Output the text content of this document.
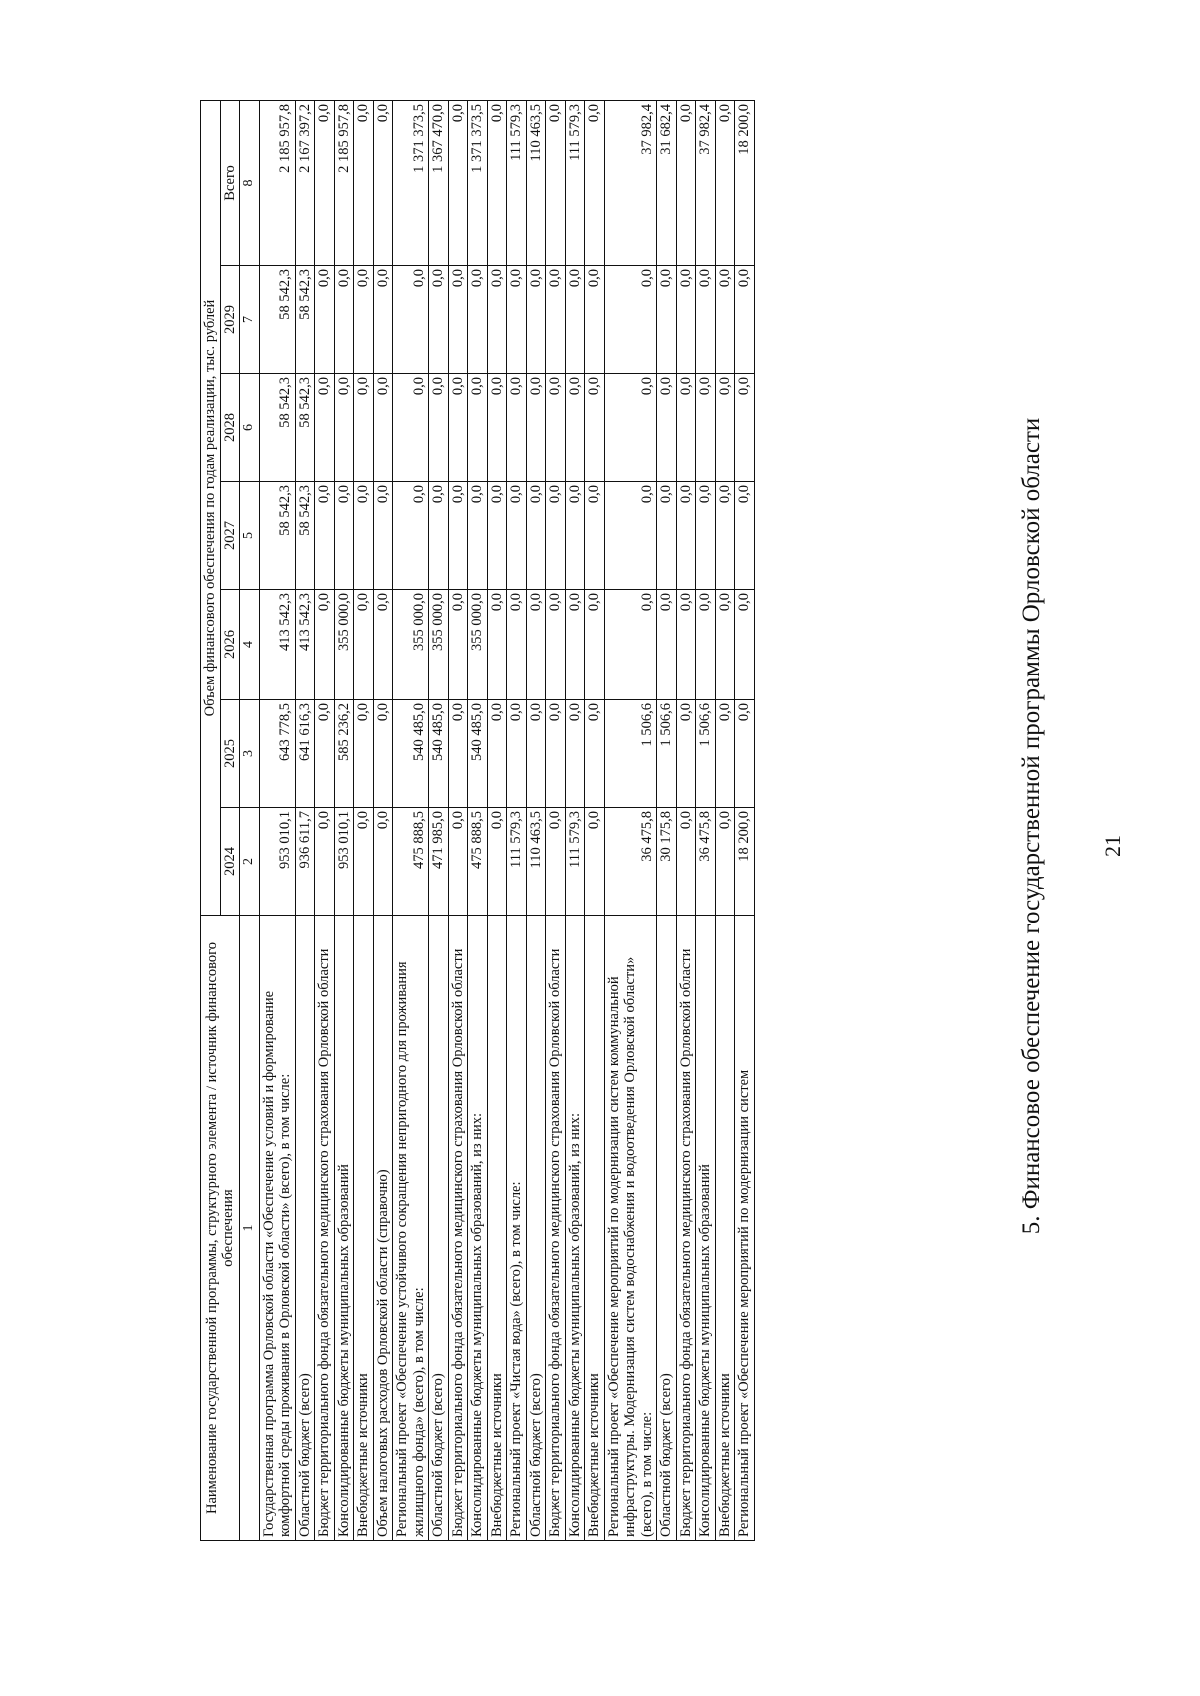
21
5. Финансовое обеспечение государственной программы Орловской области
Наименование государственной программы, структурного элемента / источник финансового обеспечения	Объем финансового обеспечения по годам реализации, тыс. рублей						
	2024	2025	2026	2027	2028	2029	Всего
1	2	3	4	5	6	7	8
Государственная программа Орловской области «Обеспечение условий и формирование комфортной среды проживания в Орловской области» (всего), в том числе:	953 010,1	643 778,5	413 542,3	58 542,3	58 542,3	58 542,3	2 185 957,8
Областной бюджет (всего)	936 611,7	641 616,3	413 542,3	58 542,3	58 542,3	58 542,3	2 167 397,2
Бюджет территориального фонда обязательного медицинского страхования Орловской области	0,0	0,0	0,0	0,0	0,0	0,0	0,0
Консолидированные бюджеты муниципальных образований	953 010,1	585 236,2	355 000,0	0,0	0,0	0,0	2 185 957,8
Внебюджетные источники	0,0	0,0	0,0	0,0	0,0	0,0	0,0
Объем налоговых расходов Орловской области (справочно)	0,0	0,0	0,0	0,0	0,0	0,0	0,0
Региональный проект «Обеспечение устойчивого сокращения непригодного для проживания жилищного фонда» (всего), в том числе:	475 888,5	540 485,0	355 000,0	0,0	0,0	0,0	1 371 373,5
Областной бюджет (всего)	471 985,0	540 485,0	355 000,0	0,0	0,0	0,0	1 367 470,0
Бюджет территориального фонда обязательного медицинского страхования Орловской области	0,0	0,0	0,0	0,0	0,0	0,0	0,0
Консолидированные бюджеты муниципальных образований, из них:	475 888,5	540 485,0	355 000,0	0,0	0,0	0,0	1 371 373,5
Внебюджетные источники	0,0	0,0	0,0	0,0	0,0	0,0	0,0
Региональный проект «Чистая вода» (всего), в том числе:	111 579,3	0,0	0,0	0,0	0,0	0,0	111 579,3
Областной бюджет (всего)	110 463,5	0,0	0,0	0,0	0,0	0,0	110 463,5
Бюджет территориального фонда обязательного медицинского страхования Орловской области	0,0	0,0	0,0	0,0	0,0	0,0	0,0
Консолидированные бюджеты муниципальных образований, из них:	111 579,3	0,0	0,0	0,0	0,0	0,0	111 579,3
Внебюджетные источники	0,0	0,0	0,0	0,0	0,0	0,0	0,0
Региональный проект «Обеспечение мероприятий по модернизации систем коммунальной инфраструктуры. Модернизация систем водоснабжения и водоотведения Орловской области» (всего), в том числе:	36 475,8	1 506,6	0,0	0,0	0,0	0,0	37 982,4
Областной бюджет (всего)	30 175,8	1 506,6	0,0	0,0	0,0	0,0	31 682,4
Бюджет территориального фонда обязательного медицинского страхования Орловской области	0,0	0,0	0,0	0,0	0,0	0,0	0,0
Консолидированные бюджеты муниципальных образований	36 475,8	1 506,6	0,0	0,0	0,0	0,0	37 982,4
Внебюджетные источники	0,0	0,0	0,0	0,0	0,0	0,0	0,0
Региональный проект «Обеспечение мероприятий по модернизации систем	18 200,0	0,0	0,0	0,0	0,0	0,0	18 200,0
